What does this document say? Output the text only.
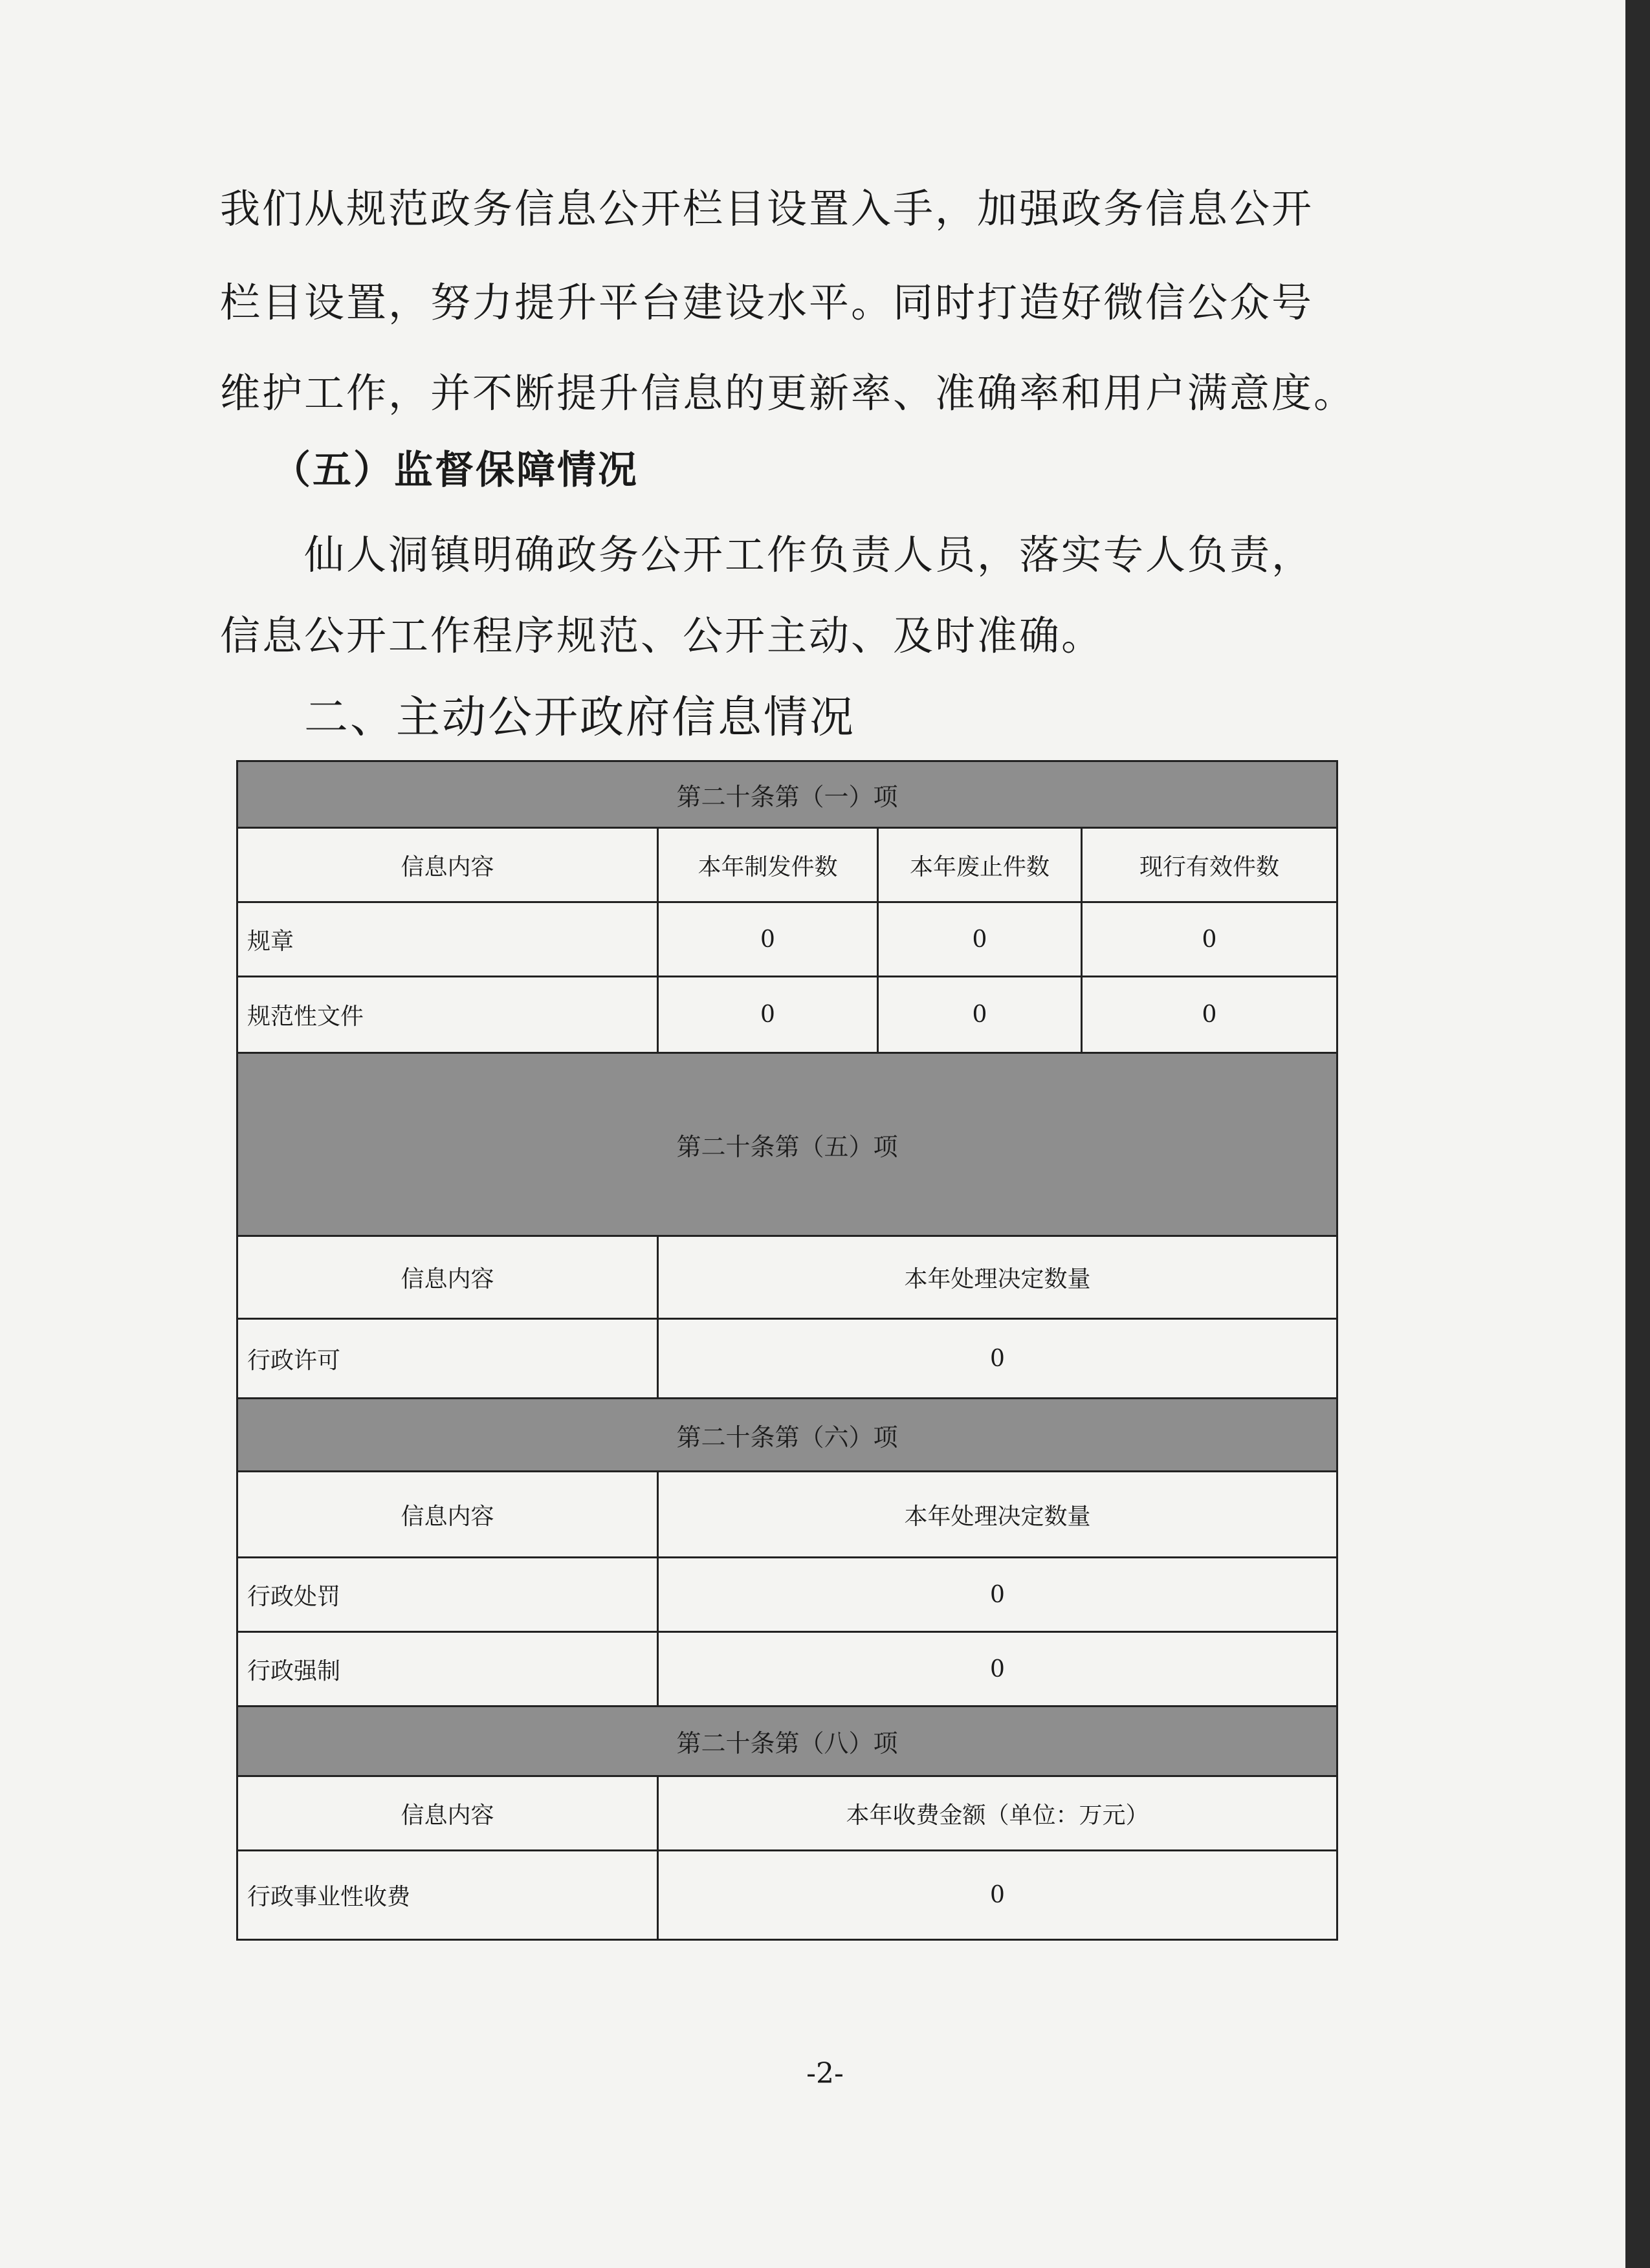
我们从规范政务信息公开栏目设置入手，加强政务信息公开

栏目设置，努力提升平台建设水平。同时打造好微信公众号

维护工作，并不断提升信息的更新率、准确率和用户满意度。

（五）监督保障情况

仙人洞镇明确政务公开工作负责人员，落实专人负责，

信息公开工作程序规范、公开主动、及时准确。

二、主动公开政府信息情况

第二十条第（一）项			
信息内容	本年制发件数	本年废止件数	现行有效件数
规章	0	0	0
规范性文件	0	0	0
第二十条第（五）项			
信息内容	本年处理决定数量		
行政许可	0		
第二十条第（六）项			
信息内容	本年处理决定数量		
行政处罚	0		
行政强制	0		
第二十条第（八）项			
信息内容	本年收费金额（单位：万元）		
行政事业性收费	0		
-2-
